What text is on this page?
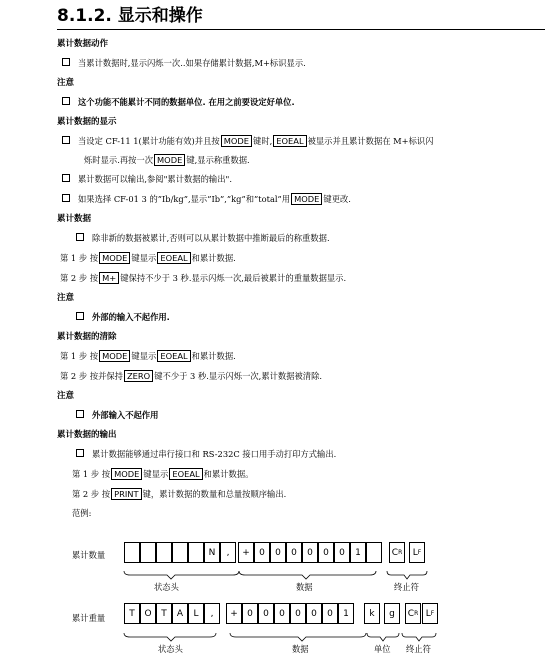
8.1.2. 显示和操作
累计数据动作
当累计数据时,显示闪烁一次..如果存储累计数据,M+标识显示.
注意
这个功能不能累计不同的数据单位. 在用之前要设定好单位.
累计数据的显示
当设定 CF-11 1(累计功能有效)并且按 MODE 键时, EOEAL 被显示并且累计数据在 M+标识闪
烁时显示.再按一次 MODE 键,显示称重数据.
累计数据可以输出,参阅"累计数据的输出".
如果选择 CF-01 3 的”Ib/kg”,显示”Ib”,”kg”和”total”用 MODE 键更改.
累计数据
除非新的数据被累计,否则可以从累计数据中推断最后的称重数据.
第 1 步 按 MODE 键显示 EOEAL 和累计数据.
第 2 步 按 M+ 键保持不少于 3 秒.显示闪烁一次,最后被累计的重量数据显示.
注意
外部的输入不起作用.
累计数据的清除
第 1 步 按 MODE 键显示 EOEAL 和累计数据.
第 2 步 按并保持 ZERO 键不少于 3 秒.显示闪烁一次,累计数据被清除.
注意
外部输入不起作用
累计数据的输出
累计数据能够通过串行接口和 RS-232C 接口用手动打印方式输出.
第 1 步 按 MODE 键显示 EOEAL 和累计数据。
第 2 步 按 PRINT 键，累计数据的数量和总量按顺序输出.
范例:
累计数量
累计重量
N	,	+	0	0	0	0	0	0	1	C R	L F
T	O	T	A	L	,	+	0	0	0	0	0	0	1	k	g	C R L F
状态头	数据	终止符
状态头	数据	单位 终止符
